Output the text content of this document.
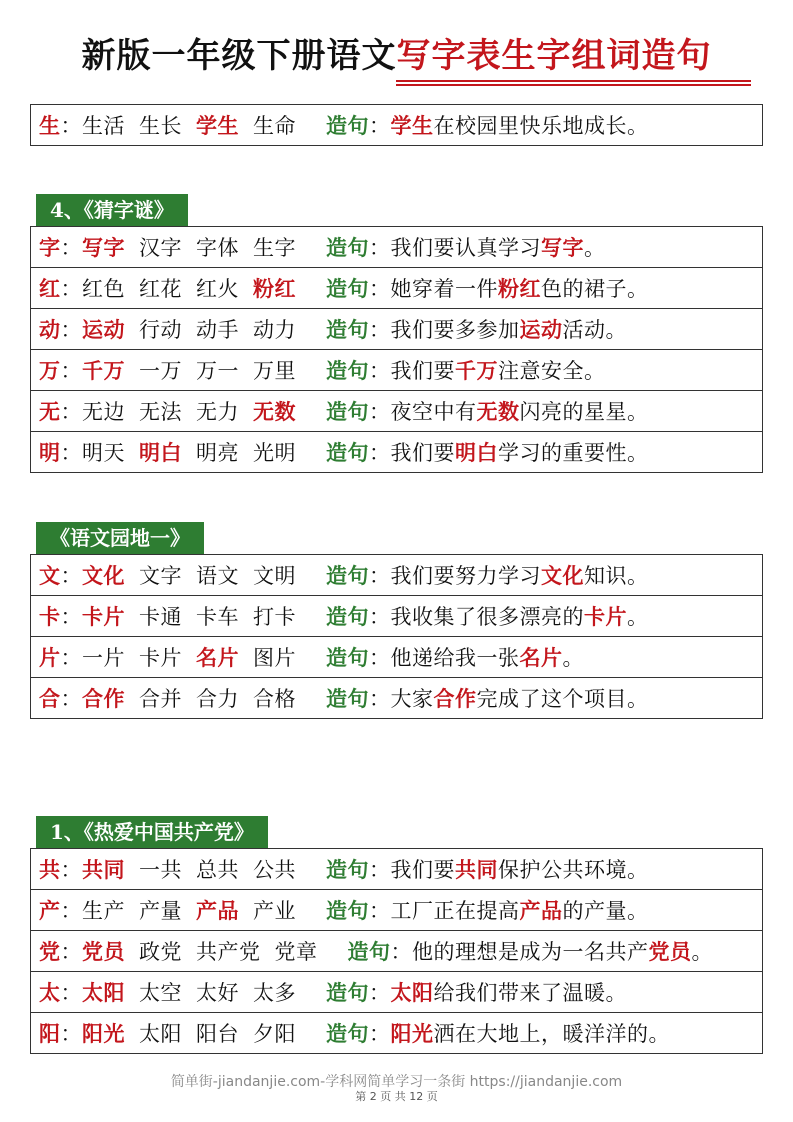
新版一年级下册语文写字表生字组词造句
生：生活 生长 学生 生命 造句：学生在校园里快乐地成长。
4、《猜字谜》
字：写字 汉字 字体 生字 造句：我们要认真学习写字。
红：红色 红花 红火 粉红 造句：她穿着一件粉红色的裙子。
动：运动 行动 动手 动力 造句：我们要多参加运动活动。
万：千万 一万 万一 万里 造句：我们要千万注意安全。
无：无边 无法 无力 无数 造句：夜空中有无数闪亮的星星。
明：明天 明白 明亮 光明 造句：我们要明白学习的重要性。
《语文园地一》
文：文化 文字 语文 文明 造句：我们要努力学习文化知识。
卡：卡片 卡通 卡车 打卡 造句：我收集了很多漂亮的卡片。
片：一片 卡片 名片 图片 造句：他递给我一张名片。
合：合作 合并 合力 合格 造句：大家合作完成了这个项目。
1、《热爱中国共产党》
共：共同 一共 总共 公共 造句：我们要共同保护公共环境。
产：生产 产量 产品 产业 造句：工厂正在提高产品的产量。
党：党员 政党 共产党 党章 造句：他的理想是成为一名共产党员。
太：太阳 太空 太好 太多 造句：太阳给我们带来了温暖。
阳：阳光 太阳 阳台 夕阳 造句：阳光洒在大地上，暖洋洋的。
简单街-jiandanjie.com-学科网简单学习一条街 https://jiandanjie.com
第 2 页 共 12 页
